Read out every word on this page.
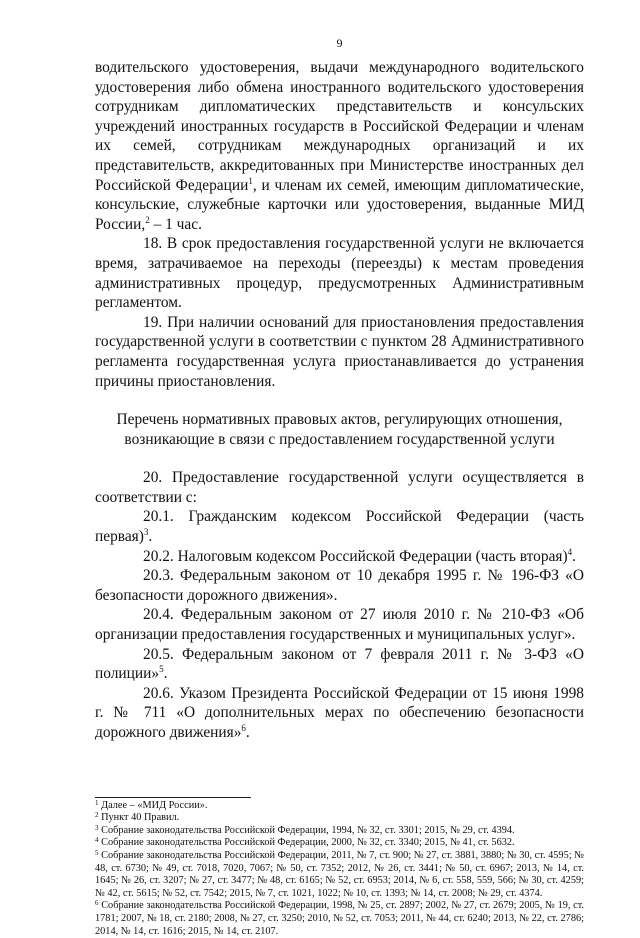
9

водительского удостоверения, выдачи международного водительского удостоверения либо обмена иностранного водительского удостоверения сотрудникам дипломатических представительств и консульских учреждений иностранных государств в Российской Федерации и членам их семей, сотрудникам международных организаций и их представительств, аккредитованных при Министерстве иностранных дел Российской Федерации$^1$, и членам их семей, имеющим дипломатические, консульские, служебные карточки или удостоверения, выданные МИД России,$^2$ – 1 час.

18. В срок предоставления государственной услуги не включается время, затрачиваемое на переходы (переезды) к местам проведения административных процедур, предусмотренных Административным регламентом.

19. При наличии оснований для приостановления предоставления государственной услуги в соответствии с пунктом 28 Административного регламента государственная услуга приостанавливается до устранения причины приостановления.

Перечень нормативных правовых актов, регулирующих отношения, возникающие в связи с предоставлением государственной услуги

20. Предоставление государственной услуги осуществляется в соответствии с:

20.1. Гражданским кодексом Российской Федерации (часть первая)$^3$.

20.2. Налоговым кодексом Российской Федерации (часть вторая)$^4$.

20.3. Федеральным законом от 10 декабря 1995 г. № 196-ФЗ «О безопасности дорожного движения».

20.4. Федеральным законом от 27 июля 2010 г. № 210-ФЗ «Об организации предоставления государственных и муниципальных услуг».

20.5. Федеральным законом от 7 февраля 2011 г. № 3-ФЗ «О полиции»$^5$.

20.6. Указом Президента Российской Федерации от 15 июня 1998 г. № 711 «О дополнительных мерах по обеспечению безопасности дорожного движения»$^6$.

$^1$ Далее – «МИД России».

$^2$ Пункт 40 Правил.

$^3$ Собрание законодательства Российской Федерации, 1994, № 32, ст. 3301; 2015, № 29, ст. 4394.

$^4$ Собрание законодательства Российской Федерации, 2000, № 32, ст. 3340; 2015, № 41, ст. 5632.

$^5$ Собрание законодательства Российской Федерации, 2011, № 7, ст. 900; № 27, ст. 3881, 3880; № 30, ст. 4595; № 48, ст. 6730; № 49, ст. 7018, 7020, 7067; № 50, ст. 7352; 2012, № 26, ст. 3441; № 50, ст. 6967; 2013, № 14, ст. 1645; № 26, ст. 3207; № 27, ст. 3477; № 48, ст. 6165; № 52, ст. 6953; 2014, № 6, ст. 558, 559, 566; № 30, ст. 4259; № 42, ст. 5615; № 52, ст. 7542; 2015, № 7, ст. 1021, 1022; № 10, ст. 1393; № 14, ст. 2008; № 29, ст. 4374.

$^6$ Собрание законодательства Российской Федерации, 1998, № 25, ст. 2897; 2002, № 27, ст. 2679; 2005, № 19, ст. 1781; 2007, № 18, ст. 2180; 2008, № 27, ст. 3250; 2010, № 52, ст. 7053; 2011, № 44, ст. 6240; 2013, № 22, ст. 2786; 2014, № 14, ст. 1616; 2015, № 14, ст. 2107.
